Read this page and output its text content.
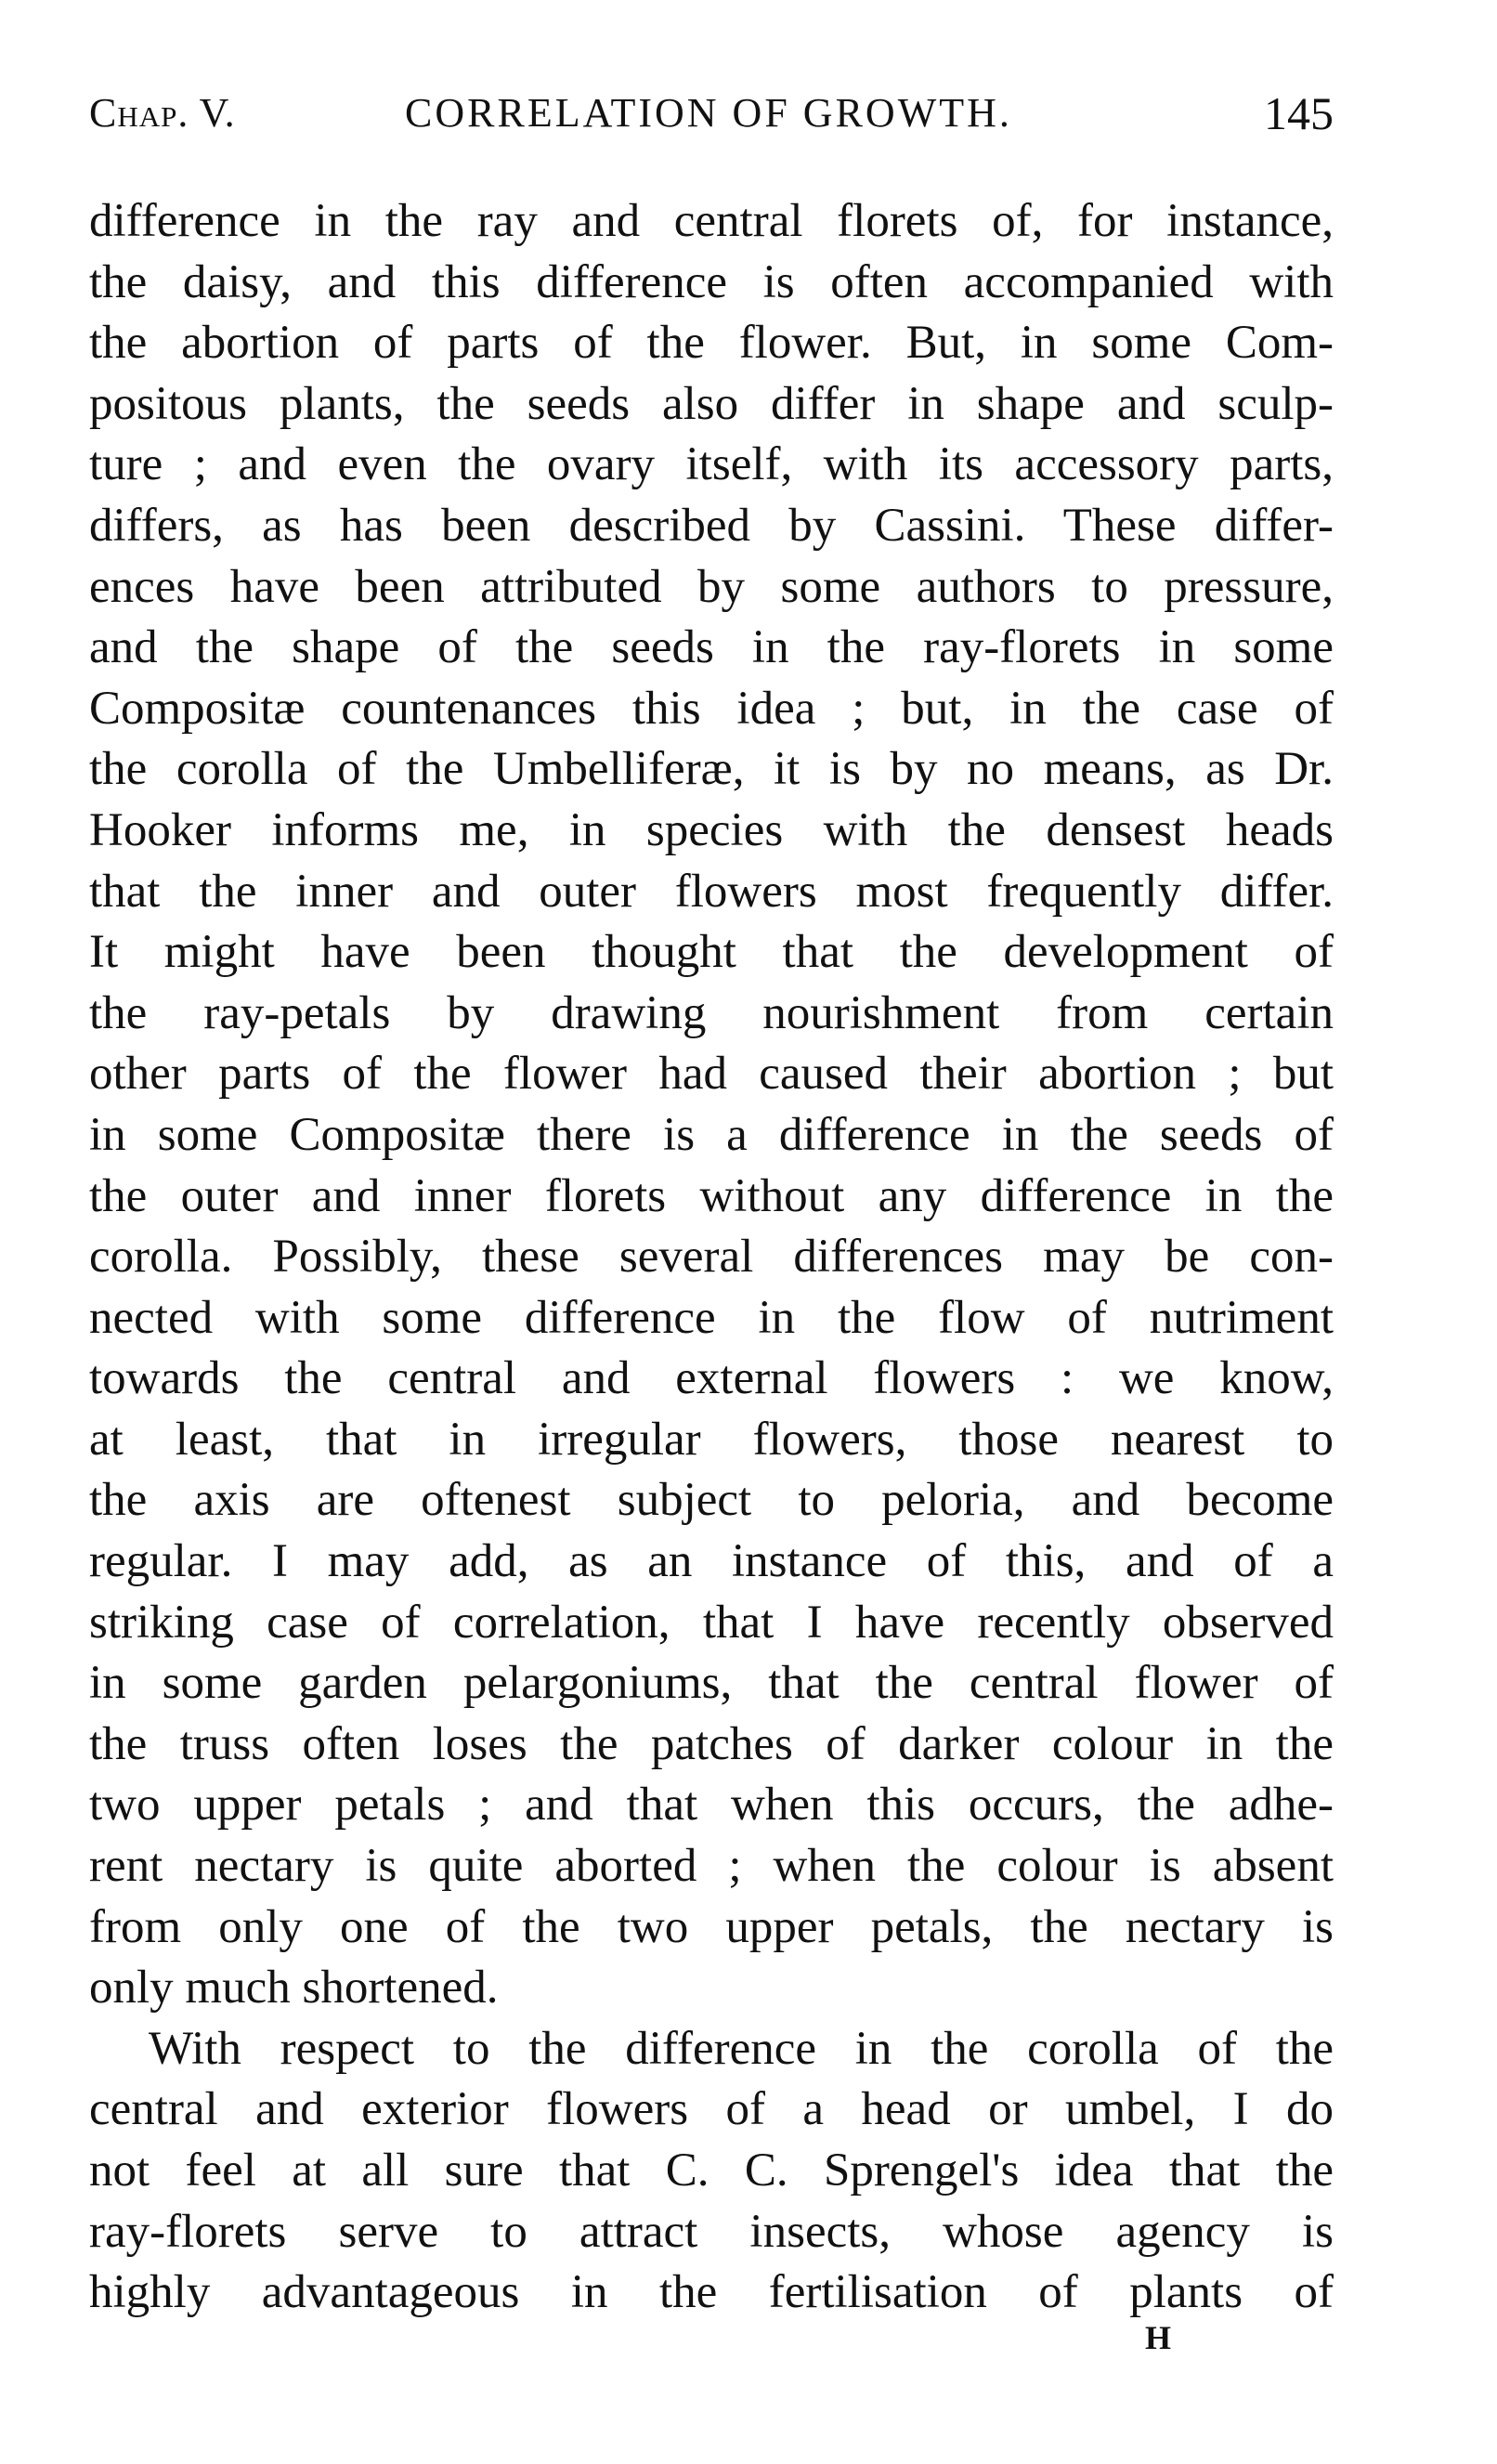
Chap. V.	CORRELATION OF GROWTH.	145
difference in the ray and central florets of, for instance,
the daisy, and this difference is often accompanied with
the abortion of parts of the flower. But, in some Com-
positous plants, the seeds also differ in shape and sculp-
ture ; and even the ovary itself, with its accessory parts,
differs, as has been described by Cassini. These differ-
ences have been attributed by some authors to pressure,
and the shape of the seeds in the ray-florets in some
Compositæ countenances this idea ; but, in the case of
the corolla of the Umbelliferæ, it is by no means, as Dr.
Hooker informs me, in species with the densest heads
that the inner and outer flowers most frequently differ.
It might have been thought that the development of
the ray-petals by drawing nourishment from certain
other parts of the flower had caused their abortion ; but
in some Compositæ there is a difference in the seeds of
the outer and inner florets without any difference in the
corolla. Possibly, these several differences may be con-
nected with some difference in the flow of nutriment
towards the central and external flowers : we know,
at least, that in irregular flowers, those nearest to
the axis are oftenest subject to peloria, and become
regular. I may add, as an instance of this, and of a
striking case of correlation, that I have recently observed
in some garden pelargoniums, that the central flower of
the truss often loses the patches of darker colour in the
two upper petals ; and that when this occurs, the adhe-
rent nectary is quite aborted ; when the colour is absent
from only one of the two upper petals, the nectary is
only much shortened.
With respect to the difference in the corolla of the
central and exterior flowers of a head or umbel, I do
not feel at all sure that C. C. Sprengel's idea that the
ray-florets serve to attract insects, whose agency is
highly advantageous in the fertilisation of plants of
H
